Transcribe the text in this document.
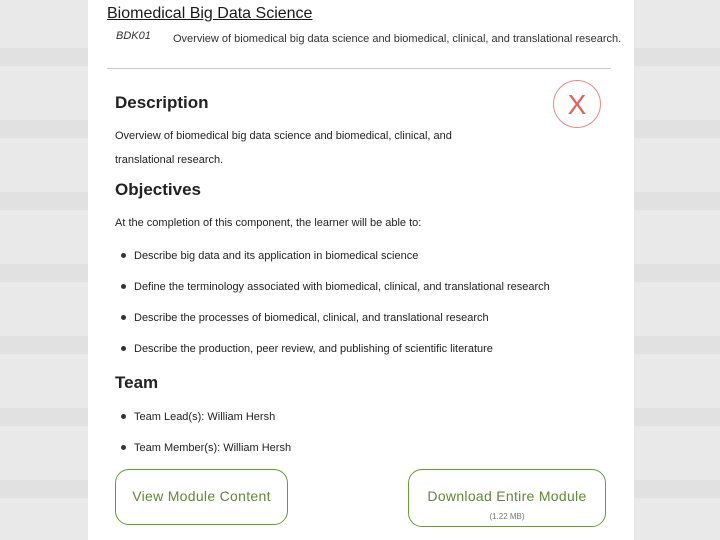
Biomedical Big Data Science
BDK01 Overview of biomedical big data science and biomedical, clinical, and translational research.
X
Description
Overview of biomedical big data science and biomedical, clinical, and translational research.
Objectives
At the completion of this component, the learner will be able to:
Describe big data and its application in biomedical science
Define the terminology associated with biomedical, clinical, and translational research
Describe the processes of biomedical, clinical, and translational research
Describe the production, peer review, and publishing of scientific literature
Team
Team Lead(s): William Hersh
Team Member(s): William Hersh
View Module Content	Download Entire Module
(1.22 MB)
